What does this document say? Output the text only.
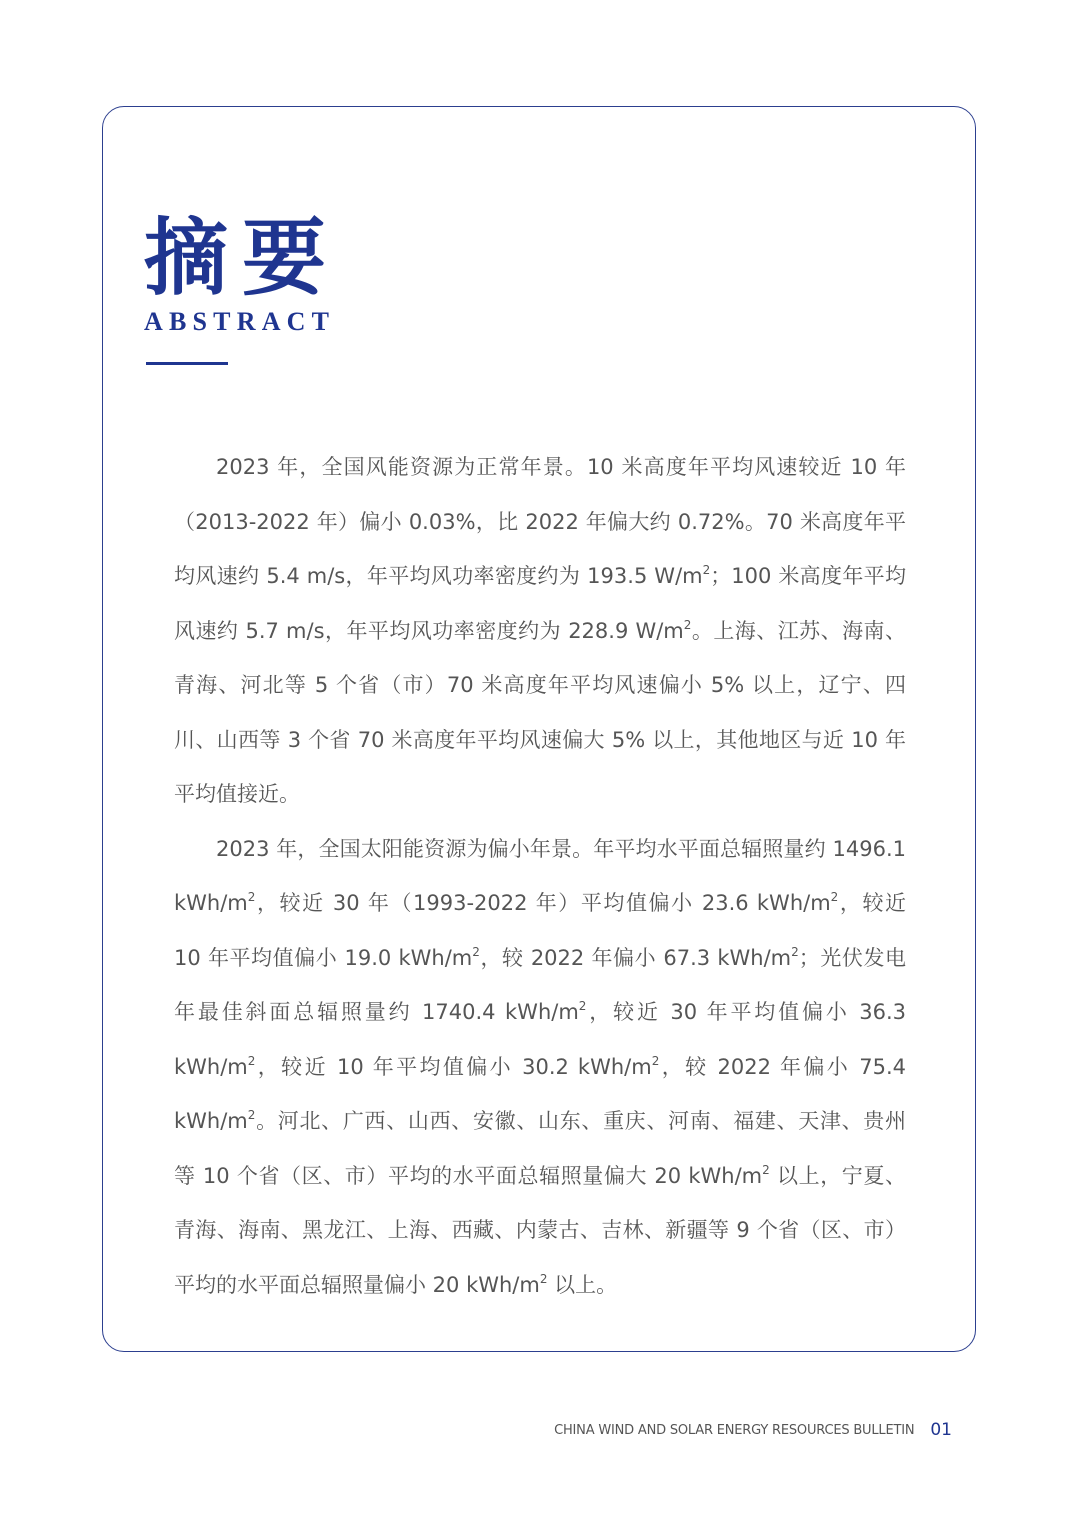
摘要
ABSTRACT

2023 年，全国风能资源为正常年景。10 米高度年平均风速较近 10 年（2013-2022 年）偏小 0.03%，比 2022 年偏大约 0.72%。70 米高度年平均风速约 5.4 m/s，年平均风功率密度约为 193.5 $W/m^2$；100 米高度年平均风速约 5.7 m/s，年平均风功率密度约为 228.9 $W/m^2$。上海、江苏、海南、青海、河北等 5 个省（市）70 米高度年平均风速偏小 5% 以上，辽宁、四川、山西等 3 个省 70 米高度年平均风速偏大 5% 以上，其他地区与近 10 年平均值接近。

2023 年，全国太阳能资源为偏小年景。年平均水平面总辐照量约 1496.1 kWh/$m^2$，较近 30 年（1993-2022 年）平均值偏小 23.6 kWh/$m^2$，较近 10 年平均值偏小 19.0 kWh/$m^2$，较 2022 年偏小 67.3 kWh/$m^2$；光伏发电年最佳斜面总辐照量约 1740.4 kWh/$m^2$，较近 30 年平均值偏小 36.3 kWh/$m^2$，较近 10 年平均值偏小 30.2 kWh/$m^2$，较 2022 年偏小 75.4 kWh/$m^2$。河北、广西、山西、安徽、山东、重庆、河南、福建、天津、贵州等 10 个省（区、市）平均的水平面总辐照量偏大 20 kWh/$m^2$ 以上，宁夏、青海、海南、黑龙江、上海、西藏、内蒙古、吉林、新疆等 9 个省（区、市）平均的水平面总辐照量偏小 20 kWh/$m^2$ 以上。

CHINA WIND AND SOLAR ENERGY RESOURCES BULLETIN 01
